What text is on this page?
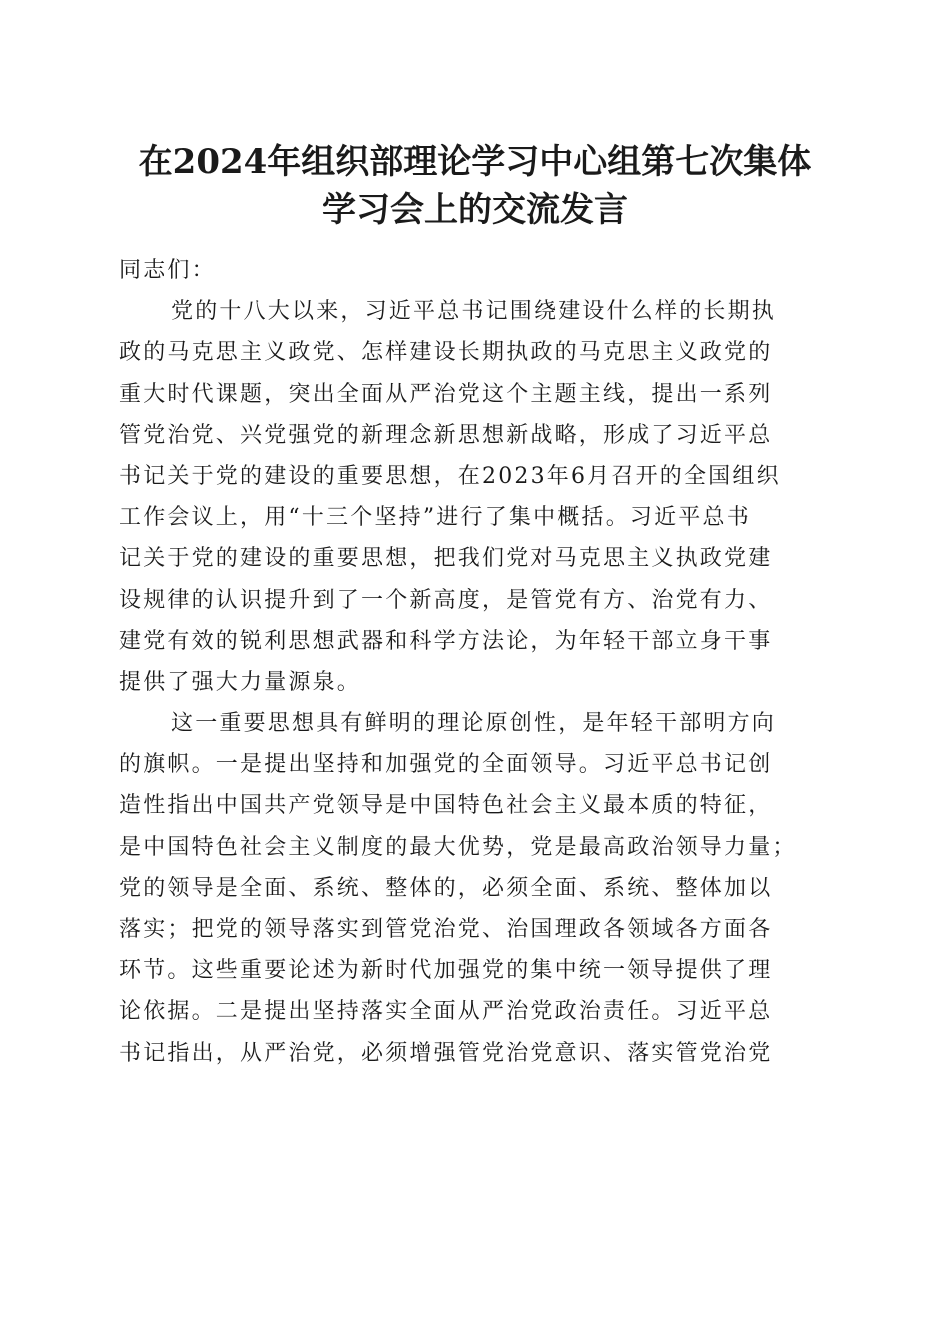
在2024年组织部理论学习中心组第七次集体
学习会上的交流发言
同志们：
党的十八大以来，习近平总书记围绕建设什么样的长期执
政的马克思主义政党、怎样建设长期执政的马克思主义政党的
重大时代课题，突出全面从严治党这个主题主线，提出一系列
管党治党、兴党强党的新理念新思想新战略，形成了习近平总
书记关于党的建设的重要思想，在2023年6月召开的全国组织
工作会议上，用“十三个坚持”进行了集中概括。习近平总书
记关于党的建设的重要思想，把我们党对马克思主义执政党建
设规律的认识提升到了一个新高度，是管党有方、治党有力、
建党有效的锐利思想武器和科学方法论，为年轻干部立身干事
提供了强大力量源泉。
这一重要思想具有鲜明的理论原创性，是年轻干部明方向
的旗帜。一是提出坚持和加强党的全面领导。习近平总书记创
造性指出中国共产党领导是中国特色社会主义最本质的特征，
是中国特色社会主义制度的最大优势，党是最高政治领导力量；
党的领导是全面、系统、整体的，必须全面、系统、整体加以
落实；把党的领导落实到管党治党、治国理政各领域各方面各
环节。这些重要论述为新时代加强党的集中统一领导提供了理
论依据。二是提出坚持落实全面从严治党政治责任。习近平总
书记指出，从严治党，必须增强管党治党意识、落实管党治党
